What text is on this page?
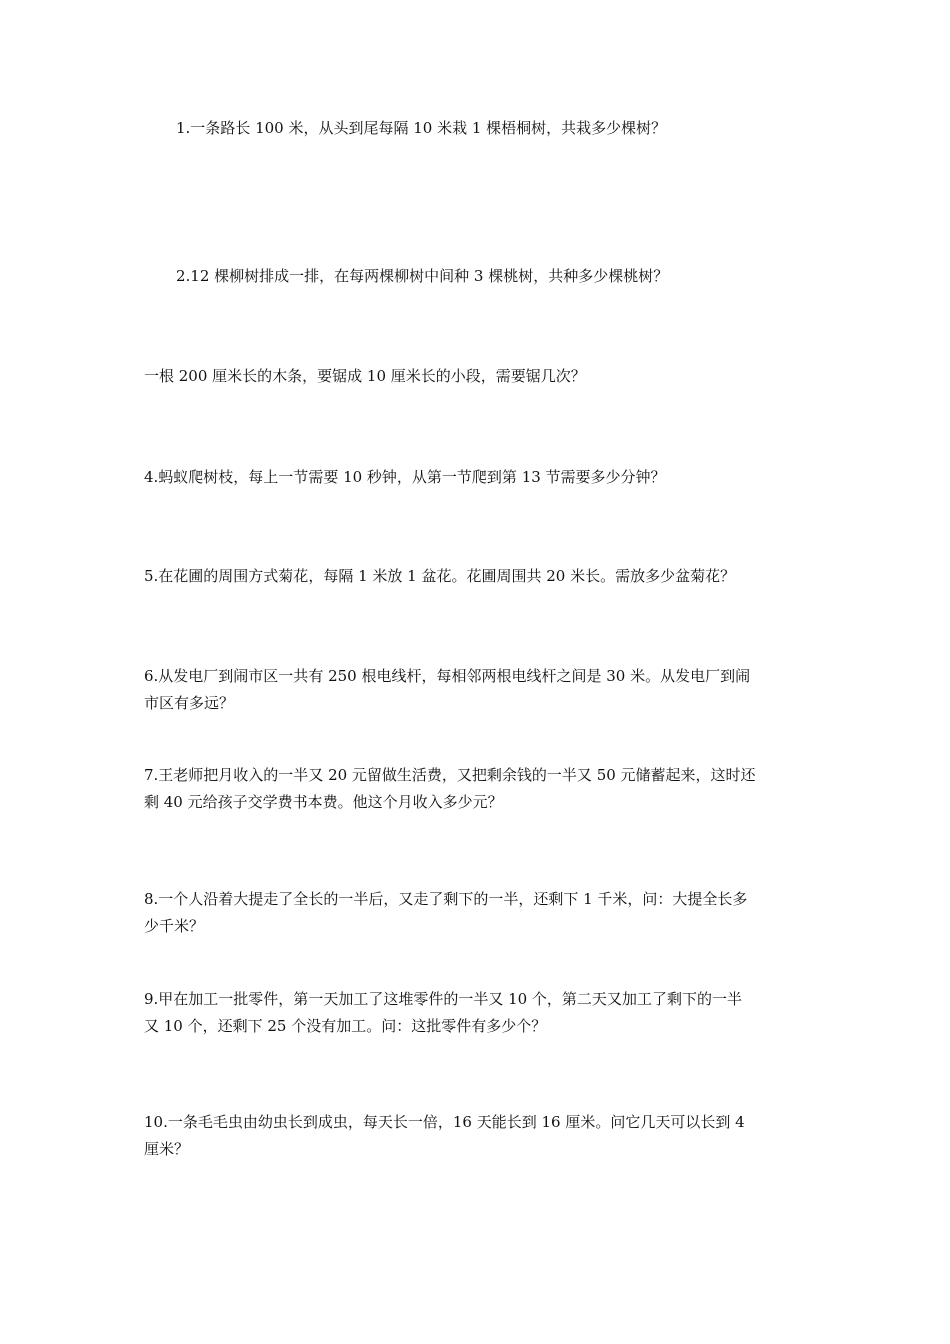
1.一条路长 100 米，从头到尾每隔 10 米栽 1 棵梧桐树，共栽多少棵树？

2.12 棵柳树排成一排，在每两棵柳树中间种 3 棵桃树，共种多少棵桃树？

一根 200 厘米长的木条，要锯成 10 厘米长的小段，需要锯几次？

4.蚂蚁爬树枝，每上一节需要 10 秒钟，从第一节爬到第 13 节需要多少分钟？

5.在花圃的周围方式菊花，每隔 1 米放 1 盆花。花圃周围共 20 米长。需放多少盆菊花？

6.从发电厂到闹市区一共有 250 根电线杆，每相邻两根电线杆之间是 30 米。从发电厂到闹
市区有多远？

7.王老师把月收入的一半又 20 元留做生活费，又把剩余钱的一半又 50 元储蓄起来，这时还
剩 40 元给孩子交学费书本费。他这个月收入多少元？

8.一个人沿着大提走了全长的一半后，又走了剩下的一半，还剩下 1 千米，问：大提全长多
少千米？

9.甲在加工一批零件，第一天加工了这堆零件的一半又 10 个，第二天又加工了剩下的一半
又 10 个，还剩下 25 个没有加工。问：这批零件有多少个？

10.一条毛毛虫由幼虫长到成虫，每天长一倍，16 天能长到 16 厘米。问它几天可以长到 4
厘米？
